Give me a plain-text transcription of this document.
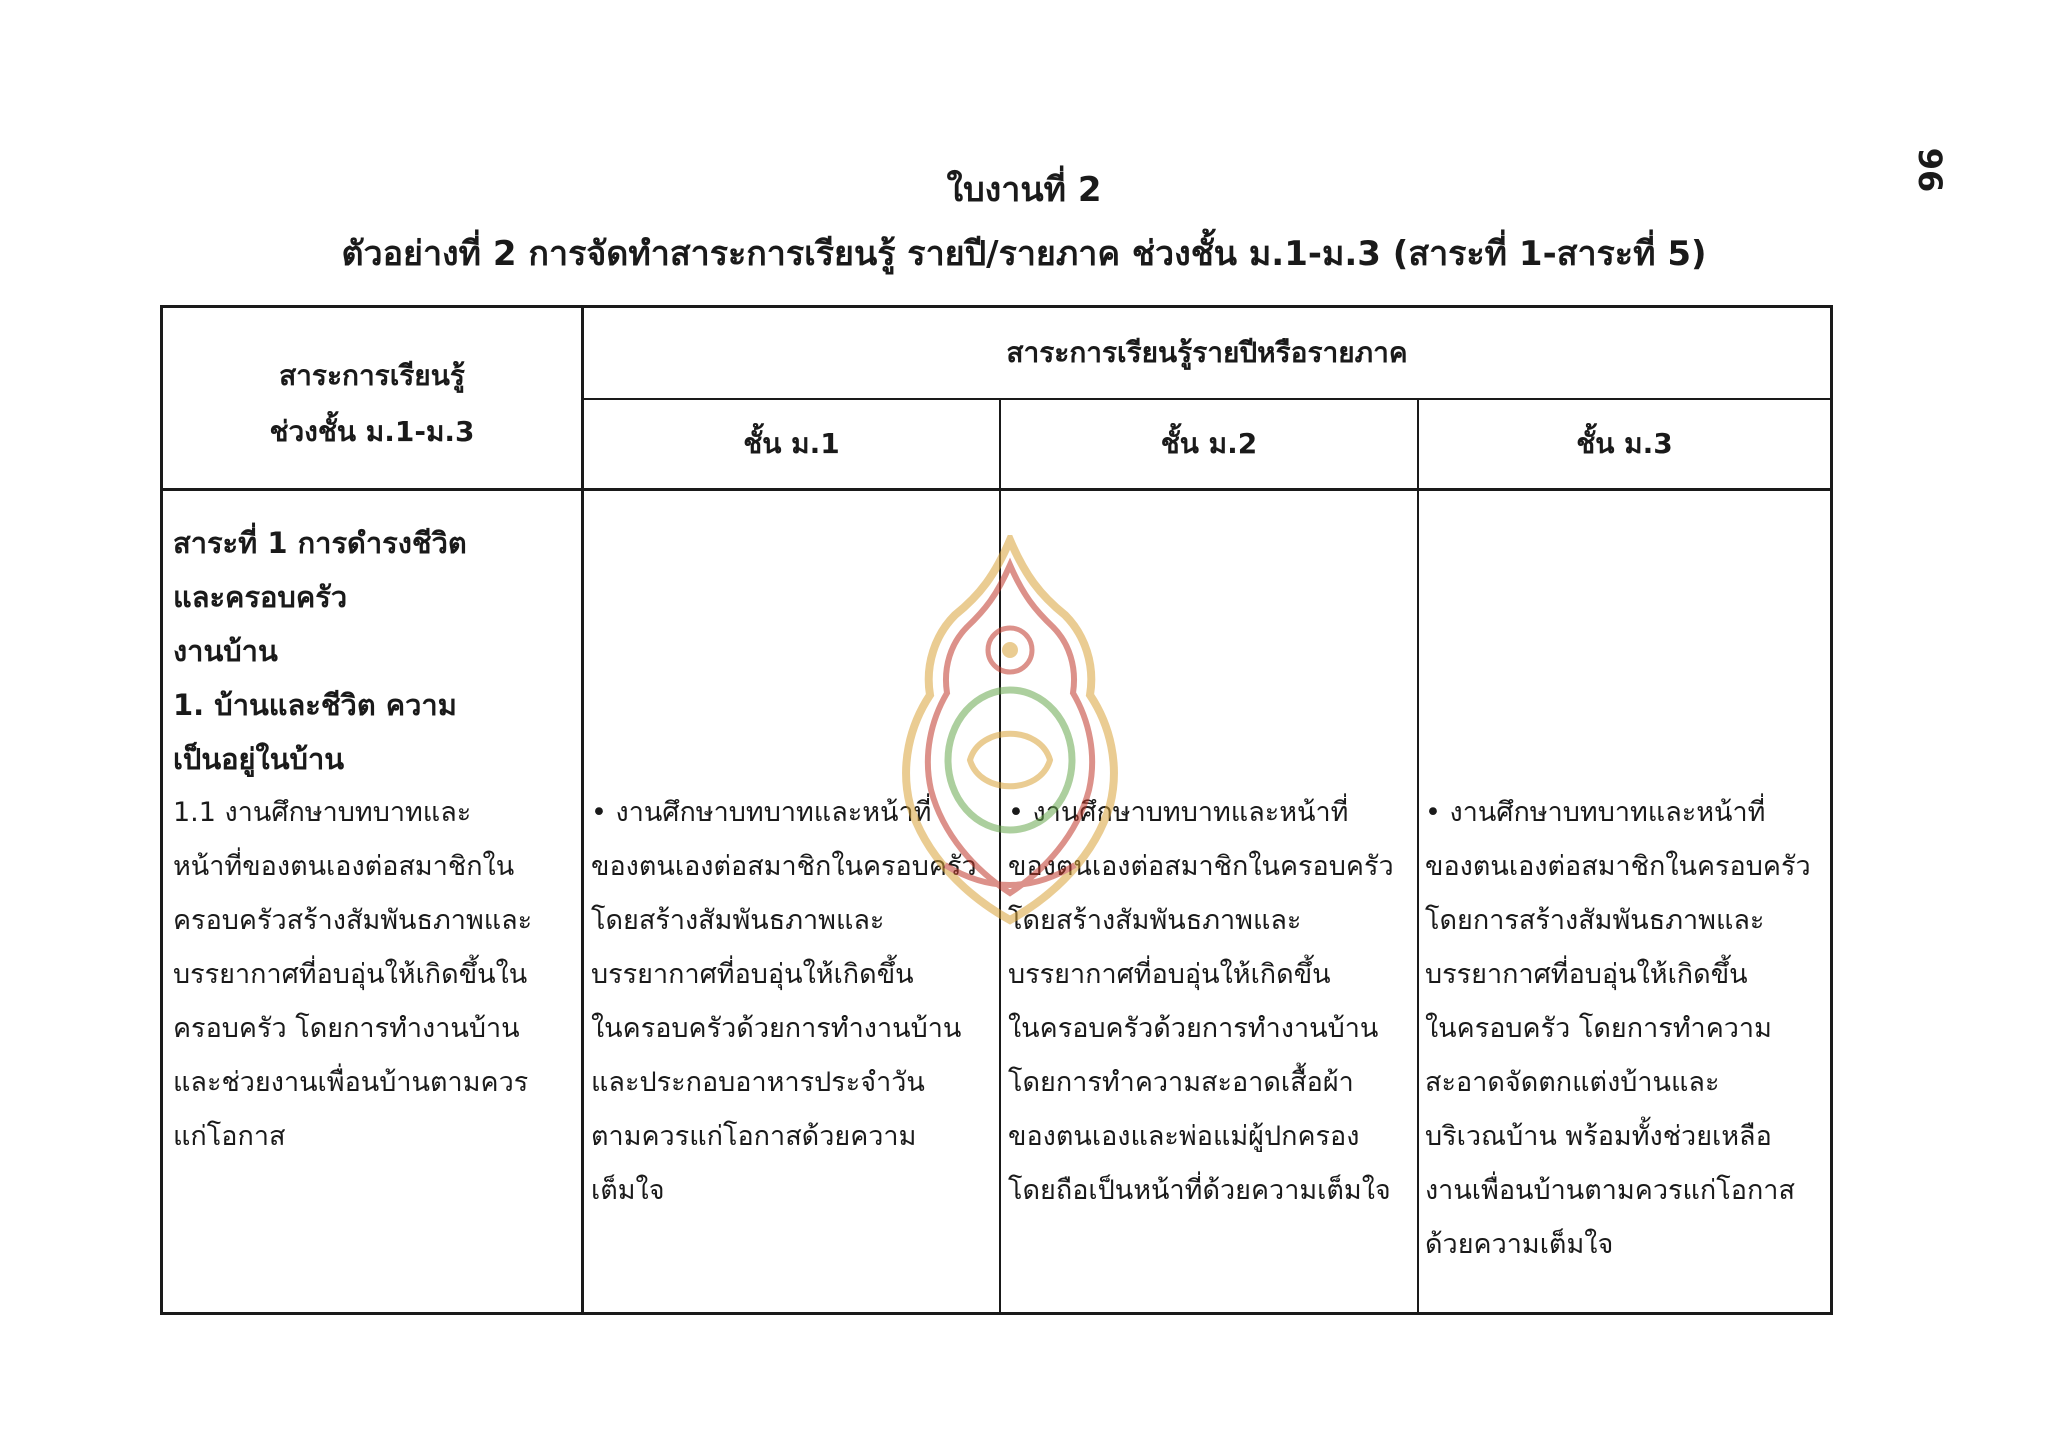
96
ใบงานที่ 2
ตัวอย่างที่ 2 การจัดทำสาระการเรียนรู้ รายปี/รายภาค ช่วงชั้น ม.1-ม.3 (สาระที่ 1-สาระที่ 5)
สาระการเรียนรู้
ช่วงชั้น ม.1-ม.3
สาระการเรียนรู้รายปีหรือรายภาค
ชั้น ม.1	ชั้น ม.2	ชั้น ม.3
สาระที่ 1 การดำรงชีวิต
และครอบครัว
งานบ้าน
1. บ้านและชีวิต ความ
เป็นอยู่ในบ้าน
1.1 งานศึกษาบทบาทและ
หน้าที่ของตนเองต่อสมาชิกใน
ครอบครัวสร้างสัมพันธภาพและ
บรรยากาศที่อบอุ่นให้เกิดขึ้นใน
ครอบครัว โดยการทำงานบ้าน
และช่วยงานเพื่อนบ้านตามควร
แก่โอกาส
• งานศึกษาบทบาทและหน้าที่
ของตนเองต่อสมาชิกในครอบครัว
โดยสร้างสัมพันธภาพและ
บรรยากาศที่อบอุ่นให้เกิดขึ้น
ในครอบครัวด้วยการทำงานบ้าน
และประกอบอาหารประจำวัน
ตามควรแก่โอกาสด้วยความ
เต็มใจ
• งานศึกษาบทบาทและหน้าที่
ของตนเองต่อสมาชิกในครอบครัว
โดยสร้างสัมพันธภาพและ
บรรยากาศที่อบอุ่นให้เกิดขึ้น
ในครอบครัวด้วยการทำงานบ้าน
โดยการทำความสะอาดเสื้อผ้า
ของตนเองและพ่อแม่ผู้ปกครอง
โดยถือเป็นหน้าที่ด้วยความเต็มใจ
• งานศึกษาบทบาทและหน้าที่
ของตนเองต่อสมาชิกในครอบครัว
โดยการสร้างสัมพันธภาพและ
บรรยากาศที่อบอุ่นให้เกิดขึ้น
ในครอบครัว โดยการทำความ
สะอาดจัดตกแต่งบ้านและ
บริเวณบ้าน พร้อมทั้งช่วยเหลือ
งานเพื่อนบ้านตามควรแก่โอกาส
ด้วยความเต็มใจ
